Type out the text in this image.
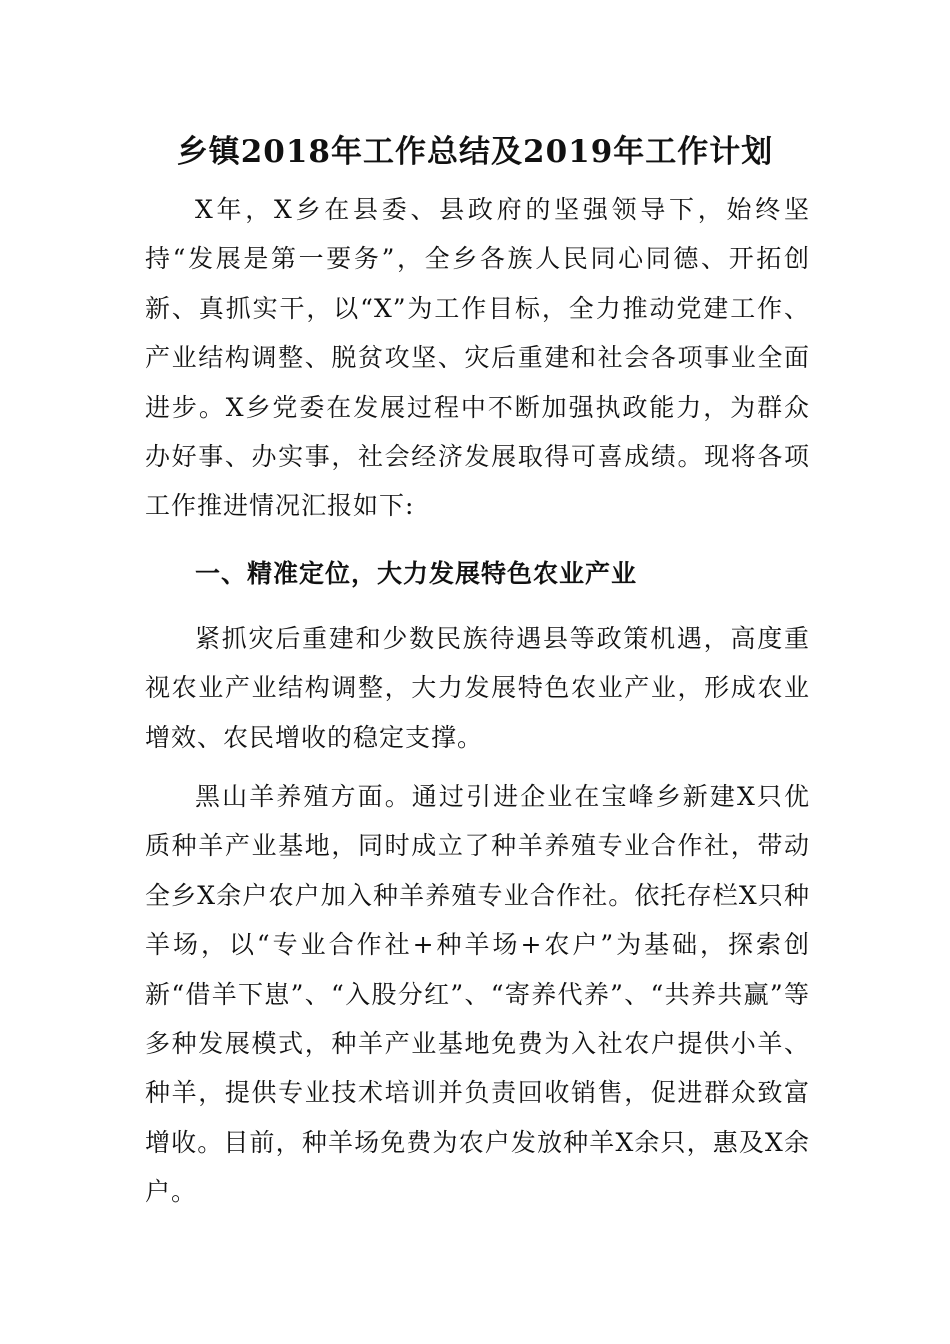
乡镇2018年工作总结及2019年工作计划

X年，X乡在县委、县政府的坚强领导下，始终坚持“发展是第一要务”，全乡各族人民同心同德、开拓创新、真抓实干，以“X”为工作目标，全力推动党建工作、产业结构调整、脱贫攻坚、灾后重建和社会各项事业全面进步。X乡党委在发展过程中不断加强执政能力，为群众办好事、办实事，社会经济发展取得可喜成绩。现将各项工作推进情况汇报如下:

一、精准定位，大力发展特色农业产业

紧抓灾后重建和少数民族待遇县等政策机遇，高度重视农业产业结构调整，大力发展特色农业产业，形成农业增效、农民增收的稳定支撑。

黑山羊养殖方面。通过引进企业在宝峰乡新建X只优质种羊产业基地，同时成立了种羊养殖专业合作社，带动全乡X余户农户加入种羊养殖专业合作社。依托存栏X只种羊场，以“专业合作社+种羊场+农户”为基础，探索创新“借羊下崽”、“入股分红”、“寄养代养”、“共养共赢”等多种发展模式，种羊产业基地免费为入社农户提供小羊、种羊，提供专业技术培训并负责回收销售，促进群众致富增收。目前，种羊场免费为农户发放种羊X余只，惠及X余户。
